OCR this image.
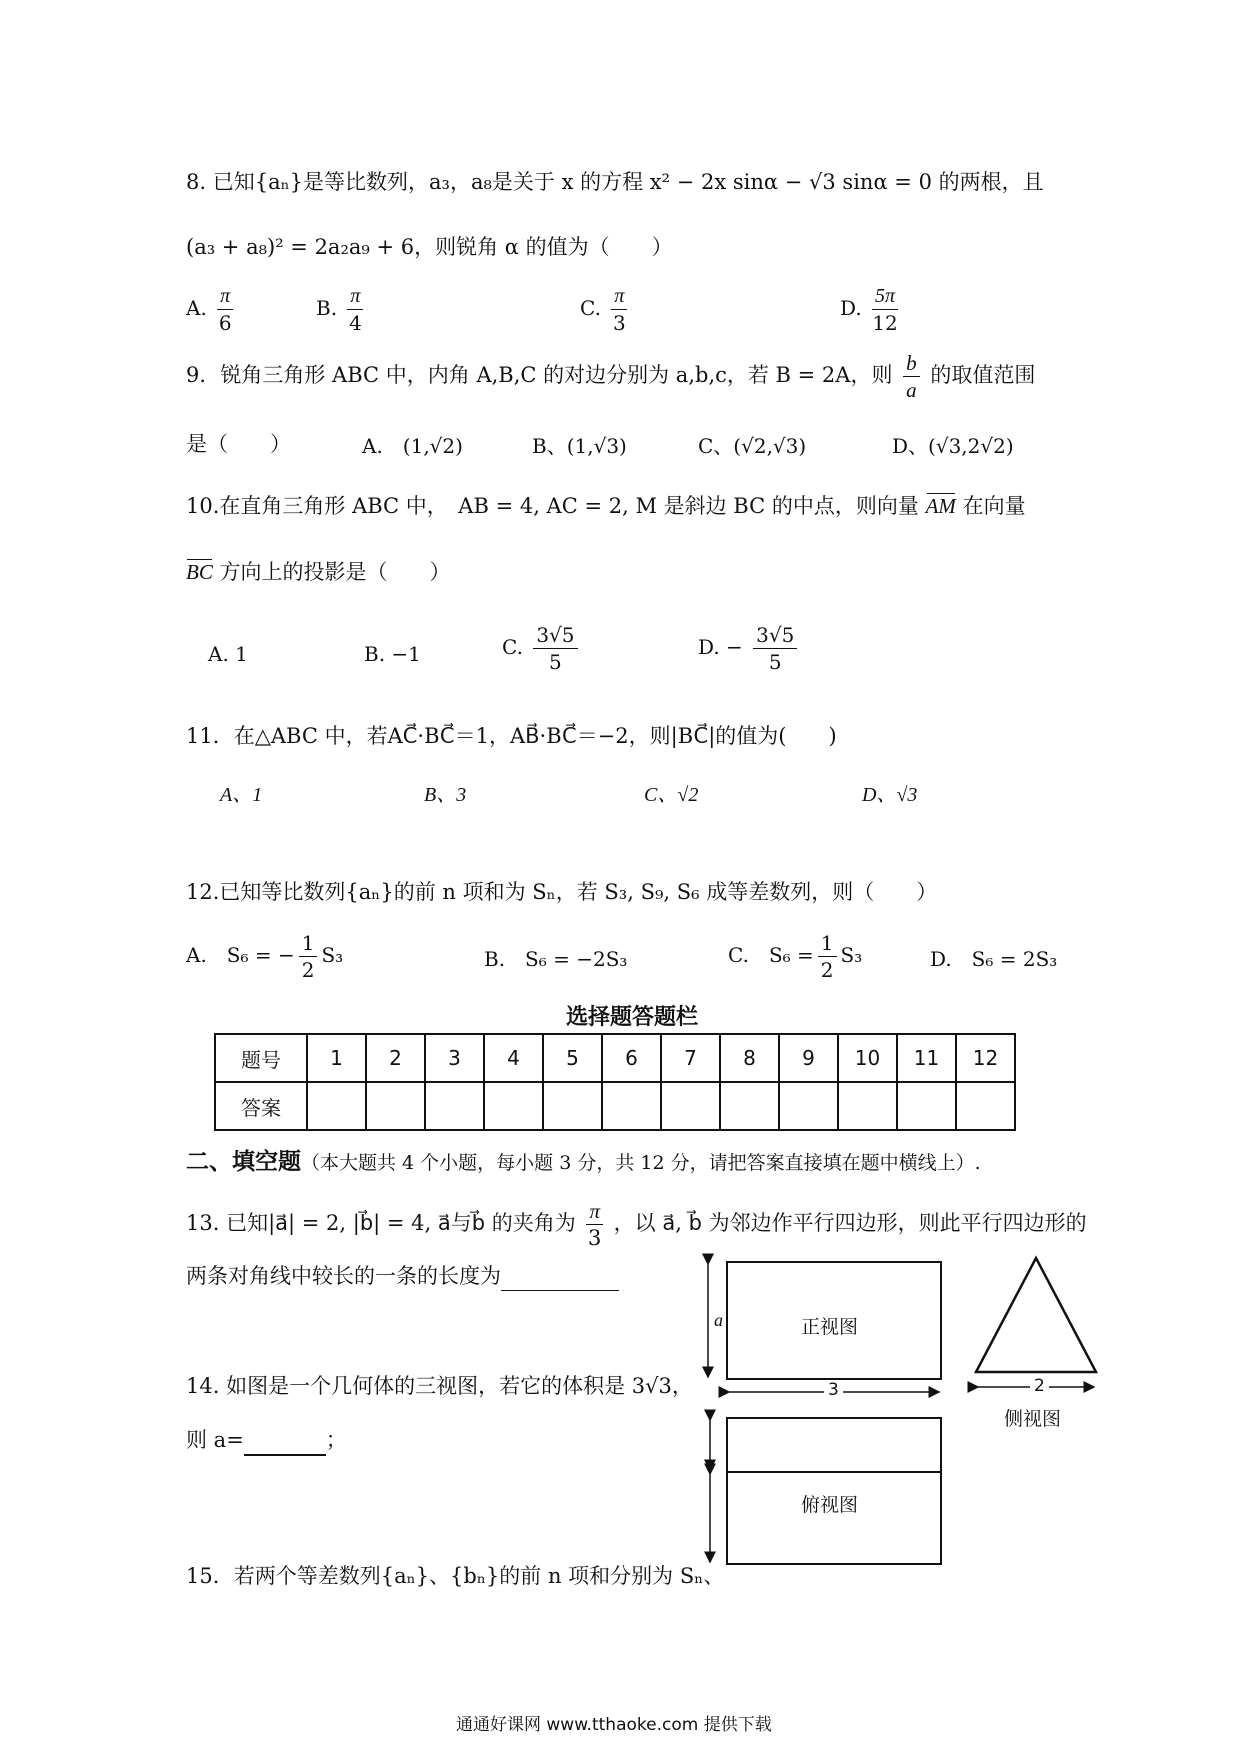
8. 已知{aₙ}是等比数列，a₃，a₈是关于 x 的方程 x² − 2x sinα − √3 sinα = 0 的两根，且
(a₃ + a₈)² = 2a₂a₉ + 6，则锐角 α 的值为（　　）
A. $\frac{\pi}{6}$	B. $\frac{\pi}{4}$	C. $\frac{\pi}{3}$	D. $\frac{5\pi}{12}$
9．锐角三角形 ABC 中，内角 A,B,C 的对边分别为 a,b,c，若 B = 2A，则 $\frac{b}{a}$ 的取值范围
是（　　）	A.　(1,√2)	B、(1,√3)	C、(√2,√3)	D、(√3,2√2)
10.在直角三角形 ABC 中，　AB = 4, AC = 2, M 是斜边 BC 的中点，则向量 AM 在向量
BC 方向上的投影是（　　）
A. 1	B. −1	C. $\frac{3√5}{5}$	D. − $\frac{3√5}{5}$
11．在△ABC 中，若AC⃗·BC⃗＝1，AB⃗·BC⃗＝−2，则|BC⃗|的值为(　　)
A、1	B、3	C、√2	D、√3
12.已知等比数列{aₙ}的前 n 项和为 Sₙ，若 S₃, S₉, S₆ 成等差数列，则（　　）
A.　S₆ = − $\frac{1}{2} S_3$	B.　S₆ = −2S₃	C.　$S_6 = \frac{1}{2} S_3$	D.　S₆ = 2S₃
选择题答题栏
题号	1	2	3	4	5	6	7	8	9	10	11	12
答案												
二、填空题（本大题共 4 个小题，每小题 3 分，共 12 分，请把答案直接填在题中横线上）.
13. 已知|a⃗| = 2, |b⃗| = 4, a⃗与b⃗ 的夹角为 $\frac{\pi}{3}$ ，以 a⃗, b⃗ 为邻边作平行四边形，则此平行四边形的
两条对角线中较长的一条的长度为
14. 如图是一个几何体的三视图，若它的体积是 3√3，
则 a=	；
15．若两个等差数列{aₙ}、{bₙ}的前 n 项和分别为 Sₙ、
正视图
a
3	2
侧视图
俯视图
通通好课网 www.tthaoke.com 提供下载
